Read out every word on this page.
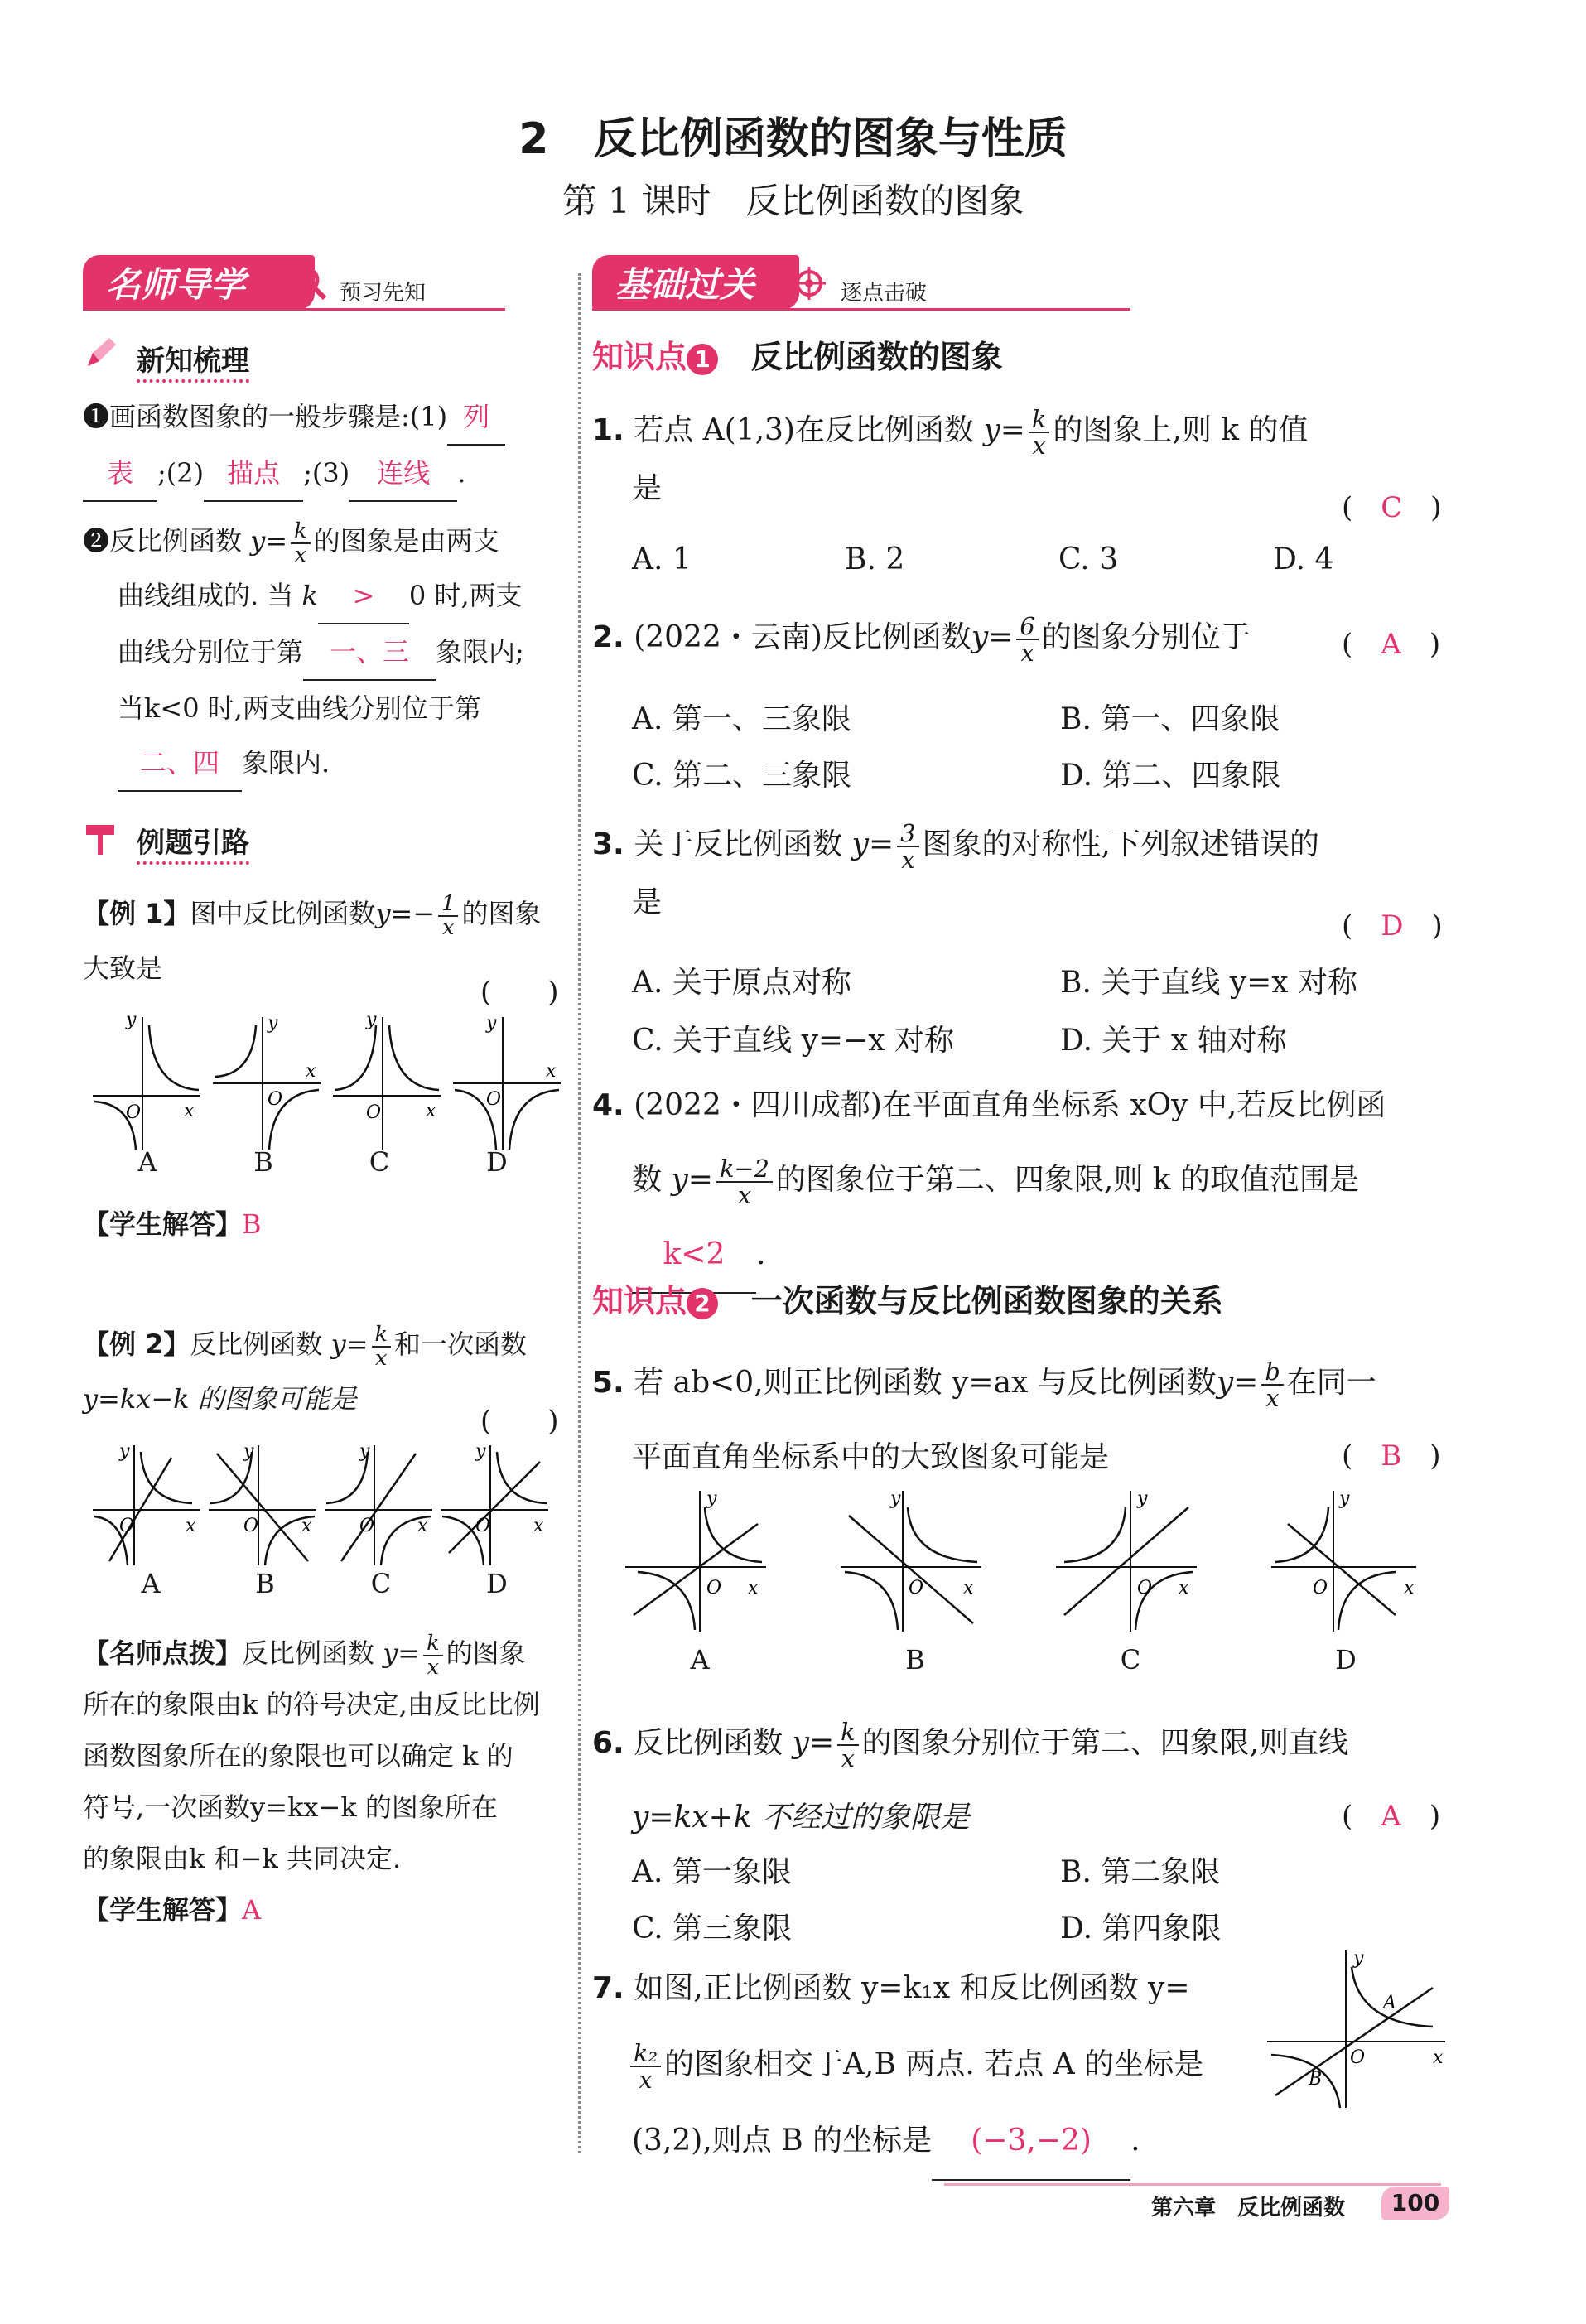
2 反比例函数的图象与性质
第 1 课时　反比例函数的图象
名师导学	预习先知
新知梳理
❶画函数图象的一般步骤是:(1) 列
表 ;(2) 描点 ;(3) 连线 .
❷反比例函数 $y= \frac{k}{x}$ 的图象是由两支
曲线组成的. 当 k > 0 时,两支
曲线分别位于第 一、三 象限内;
当k<0 时,两支曲线分别位于第
二、四 象限内.
例题引路
【例 1】图中反比例函数$y=- \frac{1}{x}$ 的图象
大致是
(　　)
y
x
O
y
x
O
y
x
O
y
x
O
A	B	C	D
【学生解答】B
【例 2】反比例函数 $y= \frac{k}{x}$ 和一次函数
y=kx−k 的图象可能是
(　　)
y
x
O
y
x
O
y
x
O
y
x
O
A	B	C	D
【名师点拨】反比例函数 $y= \frac{k}{x}$ 的图象
所在的象限由k 的符号决定,由反比比例
函数图象所在的象限也可以确定 k 的
符号,一次函数y=kx−k 的图象所在
的象限由k 和−k 共同决定.
【学生解答】A
基础过关	逐点击破
知识点 1 反比例函数的图象
1. 若点 A(1,3)在反比例函数 $y= \frac{k}{x}$ 的图象上,则 k 的值
是
(　C　)
A. 1	B. 2	C. 3	D. 4
2. (2022・云南)反比例函数$y= \frac{6}{x}$ 的图象分别位于	(　A　)
A. 第一、三象限	B. 第一、四象限
C. 第二、三象限	D. 第二、四象限
3. 关于反比例函数 $y= \frac{3}{x}$ 图象的对称性,下列叙述错误的
是
(　D　)
A. 关于原点对称	B. 关于直线 y=x 对称
C. 关于直线 y=−x 对称	D. 关于 x 轴对称
4. (2022・四川成都)在平面直角坐标系 xOy 中,若反比例函
数 $y= \frac{k-2}{x}$ 的图象位于第二、四象限,则 k 的取值范围是
k<2 .
知识点 2 一次函数与反比例函数图象的关系
5. 若 ab<0,则正比例函数 y=ax 与反比例函数$y= \frac{b}{x}$ 在同一
平面直角坐标系中的大致图象可能是	(　B　)
y
x
O
y
x
O
y
x
O
y
x
O
A	B	C	D
6. 反比例函数 $y= \frac{k}{x}$ 的图象分别位于第二、四象限,则直线
y=kx+k 不经过的象限是	(　A　)
A. 第一象限	B. 第二象限
C. 第三象限	D. 第四象限
7. 如图,正比例函数 y=k₁x 和反比例函数 y=

$\frac{\text{k₂}}{x}$ 的图象相交于A,B 两点. 若点 A 的坐标是
(3,2),则点 B 的坐标是 (−3,−2) .
y
x
O
A
B
第六章　反比例函数	100
